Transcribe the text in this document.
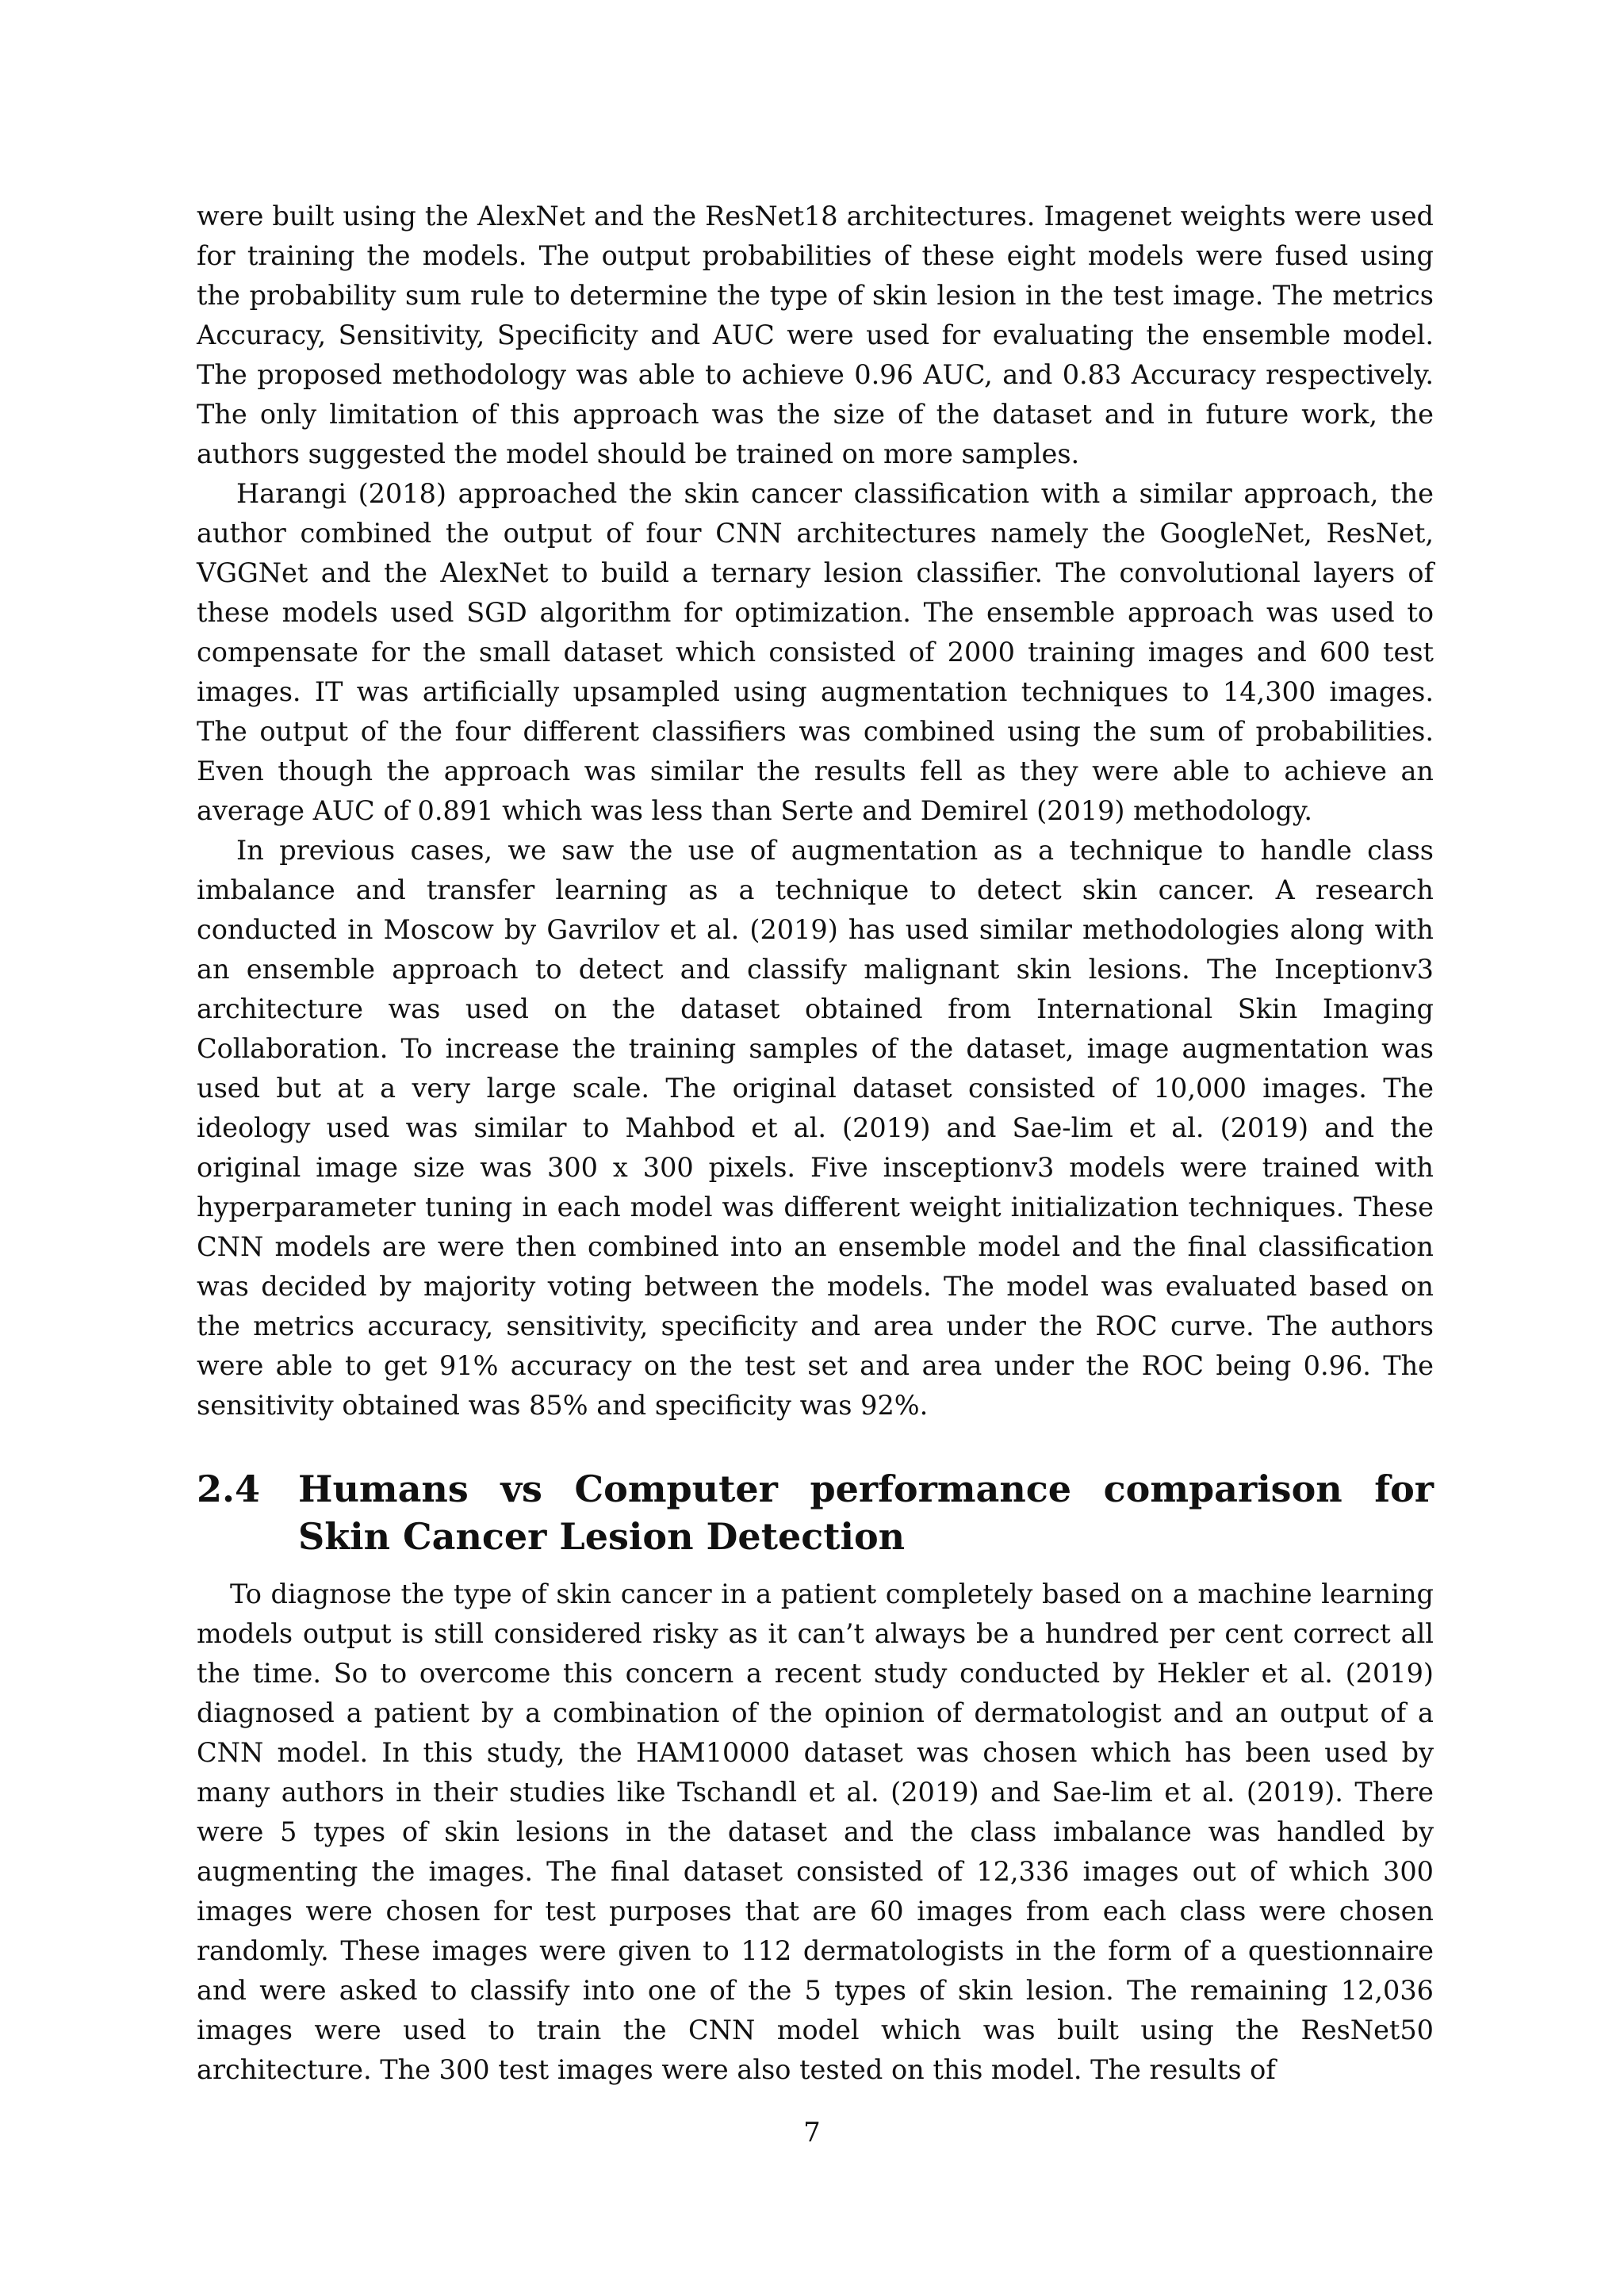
were built using the AlexNet and the ResNet18 architectures. Imagenet weights were used for training the models. The output probabilities of these eight models were fused using the probability sum rule to determine the type of skin lesion in the test image. The metrics Accuracy, Sensitivity, Specificity and AUC were used for evaluating the ensemble model. The proposed methodology was able to achieve 0.96 AUC, and 0.83 Accuracy respectively. The only limitation of this approach was the size of the dataset and in future work, the authors suggested the model should be trained on more samples.

Harangi (2018) approached the skin cancer classification with a similar approach, the author combined the output of four CNN architectures namely the GoogleNet, ResNet, VGGNet and the AlexNet to build a ternary lesion classifier. The convolutional layers of these models used SGD algorithm for optimization. The ensemble approach was used to compensate for the small dataset which consisted of 2000 training images and 600 test images. IT was artificially upsampled using augmentation techniques to 14,300 images. The output of the four different classifiers was combined using the sum of probabilities. Even though the approach was similar the results fell as they were able to achieve an average AUC of 0.891 which was less than Serte and Demirel (2019) methodology.

In previous cases, we saw the use of augmentation as a technique to handle class imbalance and transfer learning as a technique to detect skin cancer. A research conducted in Moscow by Gavrilov et al. (2019) has used similar methodologies along with an ensemble approach to detect and classify malignant skin lesions. The Inceptionv3 architecture was used on the dataset obtained from International Skin Imaging Collaboration. To increase the training samples of the dataset, image augmentation was used but at a very large scale. The original dataset consisted of 10,000 images. The ideology used was similar to Mahbod et al. (2019) and Sae-lim et al. (2019) and the original image size was 300 x 300 pixels. Five insceptionv3 models were trained with hyperparameter tuning in each model was different weight initialization techniques. These CNN models are were then combined into an ensemble model and the final classification was decided by majority voting between the models. The model was evaluated based on the metrics accuracy, sensitivity, specificity and area under the ROC curve. The authors were able to get 91% accuracy on the test set and area under the ROC being 0.96. The sensitivity obtained was 85% and specificity was 92%.

2.4	Humans vs Computer performance comparison for Skin Cancer Lesion Detection

To diagnose the type of skin cancer in a patient completely based on a machine learning models output is still considered risky as it can’t always be a hundred per cent correct all the time. So to overcome this concern a recent study conducted by Hekler et al. (2019) diagnosed a patient by a combination of the opinion of dermatologist and an output of a CNN model. In this study, the HAM10000 dataset was chosen which has been used by many authors in their studies like Tschandl et al. (2019) and Sae-lim et al. (2019). There were 5 types of skin lesions in the dataset and the class imbalance was handled by augmenting the images. The final dataset consisted of 12,336 images out of which 300 images were chosen for test purposes that are 60 images from each class were chosen randomly. These images were given to 112 dermatologists in the form of a questionnaire and were asked to classify into one of the 5 types of skin lesion. The remaining 12,036 images were used to train the CNN model which was built using the ResNet50 architecture. The 300 test images were also tested on this model. The results of

7
